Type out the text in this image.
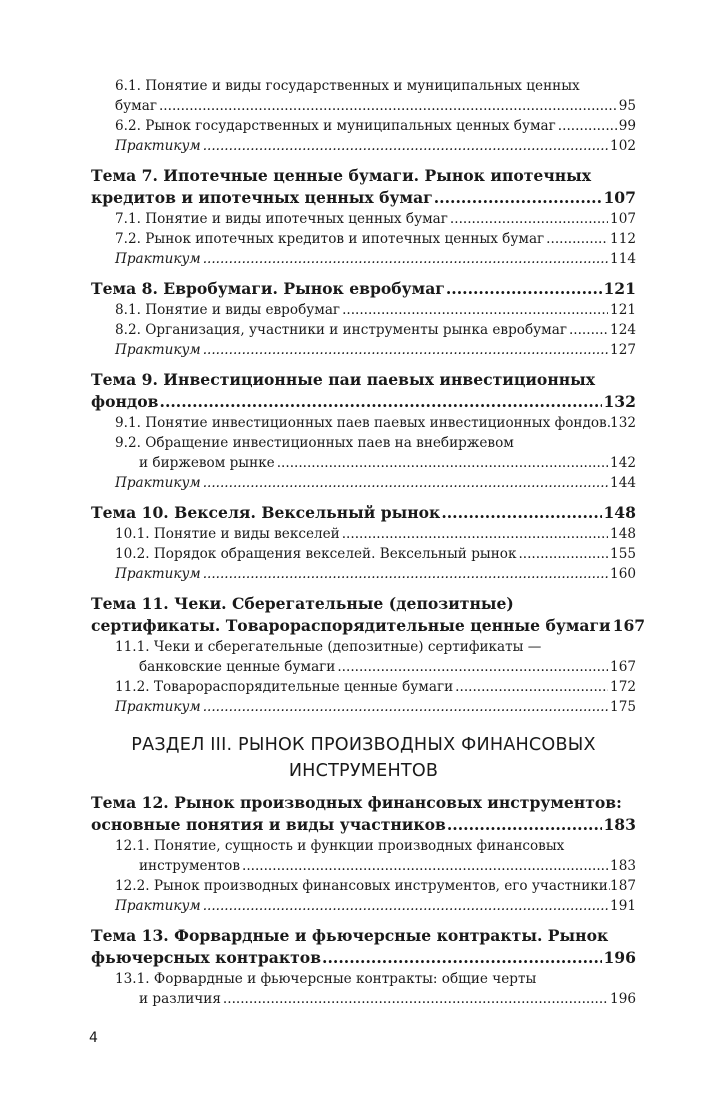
6.1. Понятие и виды государственных и муниципальных ценных
бумаг .....	95
6.2. Рынок государственных и муниципальных ценных бумаг .....	99
Практикум .....	102
Тема 7. Ипотечные ценные бумаги. Рынок ипотечных
кредитов и ипотечных ценных бумаг .....	107
7.1. Понятие и виды ипотечных ценных бумаг .....	107
7.2. Рынок ипотечных кредитов и ипотечных ценных бумаг .....	112
Практикум .....	114
Тема 8. Евробумаги. Рынок евробумаг .....	121
8.1. Понятие и виды евробумаг .....	121
8.2. Организация, участники и инструменты рынка евробумаг .....	124
Практикум .....	127
Тема 9. Инвестиционные паи паевых инвестиционных
фондов .....	132
9.1. Понятие инвестиционных паев паевых инвестиционных фондов ..... 132
9.2. Обращение инвестиционных паев на внебиржевом
и биржевом рынке .....	142
Практикум .....	144
Тема 10. Векселя. Вексельный рынок .....	148
10.1. Понятие и виды векселей .....	148
10.2. Порядок обращения векселей. Вексельный рынок .....	155
Практикум .....	160
Тема 11. Чеки. Сберегательные (депозитные)
сертификаты. Товарораспорядительные ценные бумаги 167
11.1. Чеки и сберегательные (депозитные) сертификаты —
банковские ценные бумаги .....	167
11.2. Товарораспорядительные ценные бумаги .....	172
Практикум .....	175
РАЗДЕЛ III. РЫНОК ПРОИЗВОДНЫХ ФИНАНСОВЫХ
ИНСТРУМЕНТОВ
Тема 12. Рынок производных финансовых инструментов:
основные понятия и виды участников .....	183
12.1. Понятие, сущность и функции производных финансовых
инструментов .....	183
12.2. Рынок производных финансовых инструментов, его участники ..... 187
Практикум .....	191
Тема 13. Форвардные и фьючерсные контракты. Рынок
фьючерсных контрактов .....	196
13.1. Форвардные и фьючерсные контракты: общие черты
и различия .....	196
4
